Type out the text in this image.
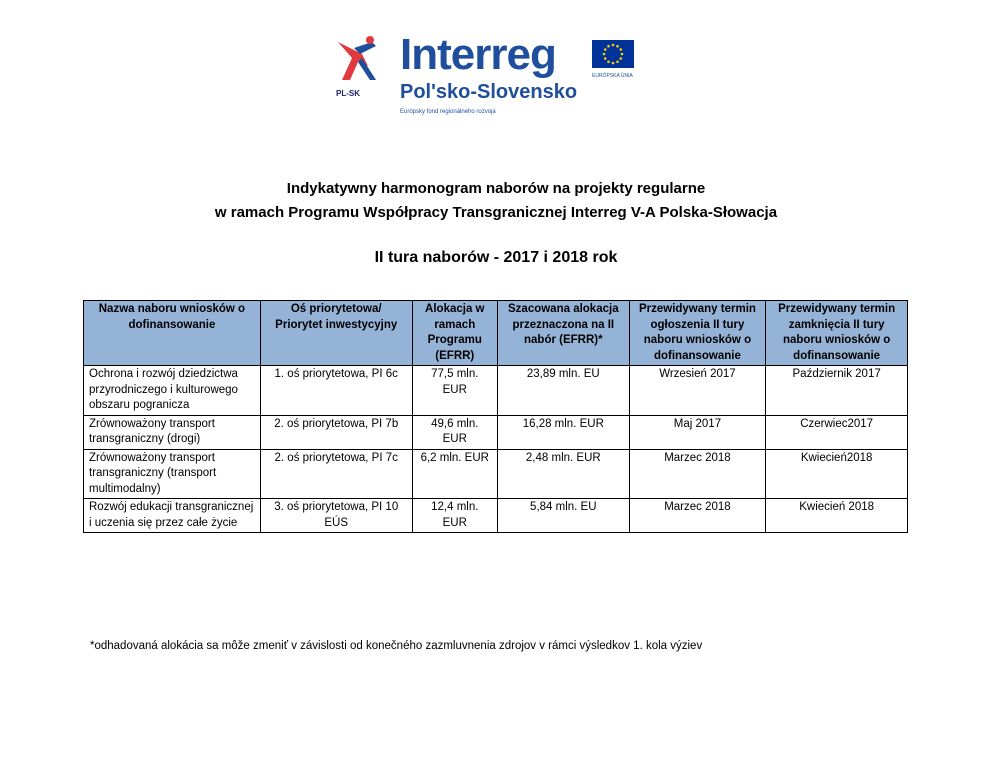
PL-SK
Interreg
Pol'sko-Slovensko
Európsky fond regionálneho rozvoja
EURÓPSKA ÚNIA
Indykatywny harmonogram naborów na projekty regularne
w ramach Programu Współpracy Transgranicznej Interreg V-A Polska-Słowacja
II tura naborów - 2017 i 2018 rok
Nazwa naboru wniosków o dofinansowanie	Oś priorytetowa/ Priorytet inwestycyjny	Alokacja w ramach Programu (EFRR)	Szacowana alokacja przeznaczona na II nabór (EFRR)*	Przewidywany termin ogłoszenia II tury naboru wniosków o dofinansowanie	Przewidywany termin zamknięcia II tury naboru wniosków o dofinansowanie
Ochrona i rozwój dziedzictwa przyrodniczego i kulturowego obszaru pogranicza	1. oś priorytetowa, PI 6c	77,5 mln. EUR	23,89 mln. EU	Wrzesień 2017	Październik 2017
Zrównoważony transport transgraniczny (drogi)	2. oś priorytetowa, PI 7b	49,6 mln. EUR	16,28 mln. EUR	Maj 2017	Czerwiec2017
Zrównoważony transport transgraniczny (transport multimodalny)	2. oś priorytetowa, PI 7c	6,2 mln. EUR	2,48 mln. EUR	Marzec 2018	Kwiecień2018
Rozwój edukacji transgranicznej i uczenia się przez całe życie	3. oś priorytetowa, PI 10 EÚS	12,4 mln. EUR	5,84 mln. EU	Marzec 2018	Kwiecień 2018
*odhadovaná alokácia sa môže zmeniť v závislosti od konečného zazmluvnenia zdrojov v rámci výsledkov 1. kola výziev
